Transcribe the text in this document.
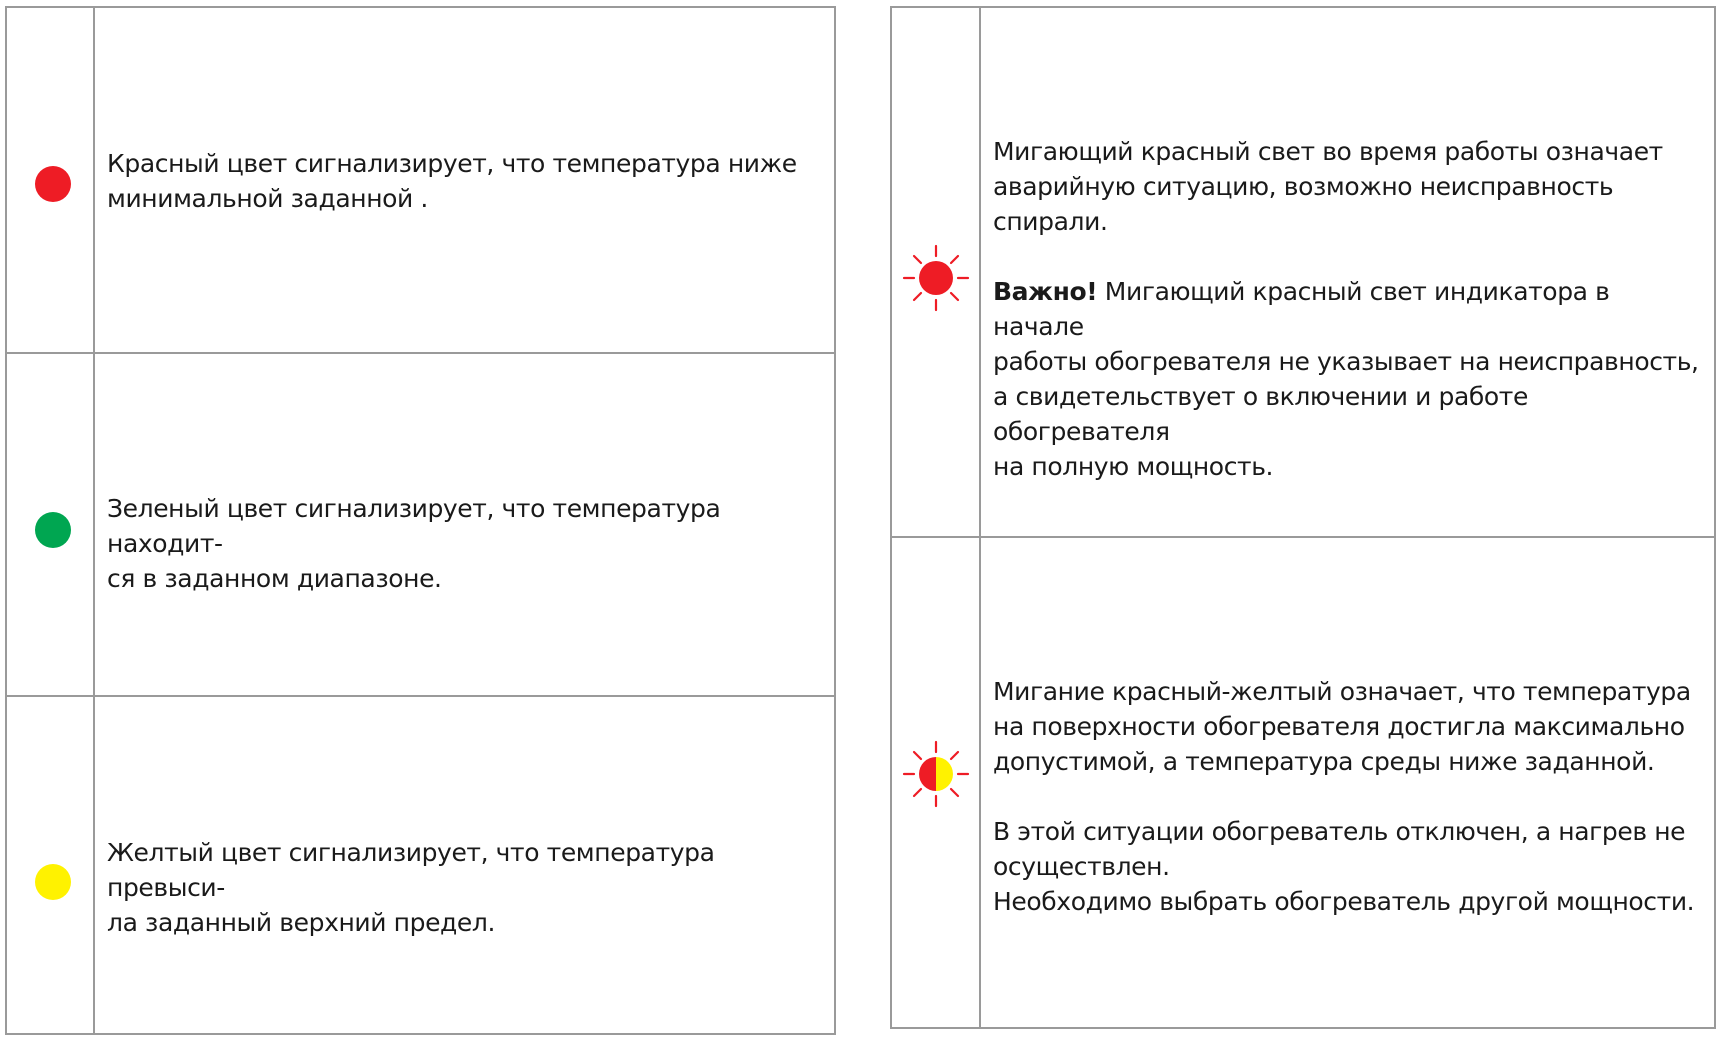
Красный цвет сигнализирует, что температура ниже

минимальной заданной .

Зеленый цвет сигнализирует, что температура находит-

ся в заданном диапазоне.

Желтый цвет сигнализирует, что температура превыси-

ла заданный верхний предел.

Мигающий красный свет во время работы означает

аварийную ситуацию, возможно неисправность

спирали.

Важно! Мигающий красный свет индикатора в начале

работы обогревателя не указывает на неисправность,

а свидетельствует о включении и работе обогревателя

на полную мощность.

Мигание красный-желтый означает, что температура

на поверхности обогревателя достигла максимально

допустимой, а температура среды ниже заданной.

В этой ситуации обогреватель отключен, а нагрев не

осуществлен.

Необходимо выбрать обогреватель другой мощности.
